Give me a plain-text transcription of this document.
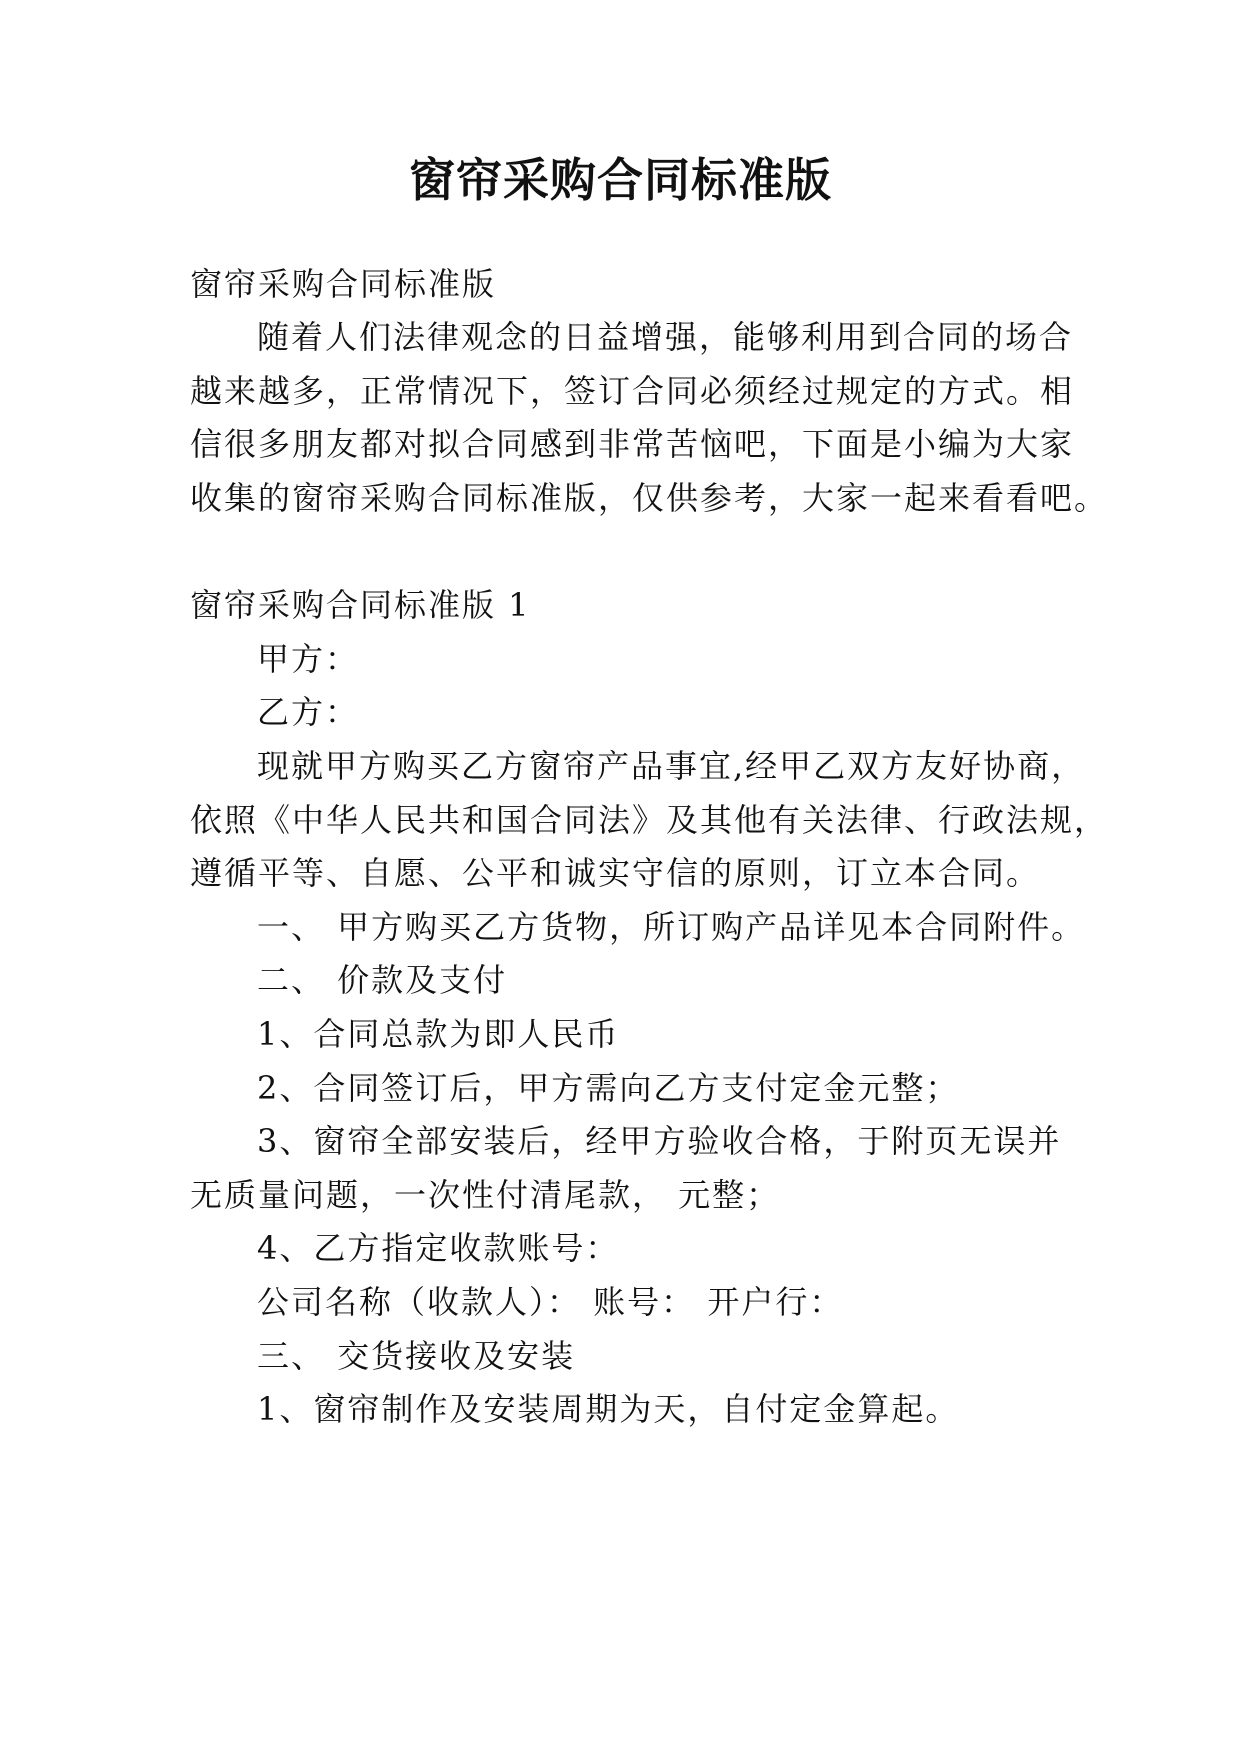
窗帘采购合同标准版
窗帘采购合同标准版
随着人们法律观念的日益增强，能够利用到合同的场合
越来越多，正常情况下，签订合同必须经过规定的方式。相
信很多朋友都对拟合同感到非常苦恼吧，下面是小编为大家
收集的窗帘采购合同标准版，仅供参考，大家一起来看看吧。
窗帘采购合同标准版 1
甲方：
乙方：
现就甲方购买乙方窗帘产品事宜,经甲乙双方友好协商，
依照《中华人民共和国合同法》及其他有关法律、行政法规，
遵循平等、自愿、公平和诚实守信的原则，订立本合同。
一、 甲方购买乙方货物，所订购产品详见本合同附件。
二、 价款及支付
1、合同总款为即人民币
2、合同签订后，甲方需向乙方支付定金元整；
3、窗帘全部安装后，经甲方验收合格，于附页无误并
无质量问题，一次性付清尾款， 元整；
4、乙方指定收款账号：
公司名称（收款人）： 账号： 开户行：
三、 交货接收及安装
1、窗帘制作及安装周期为天，自付定金算起。
